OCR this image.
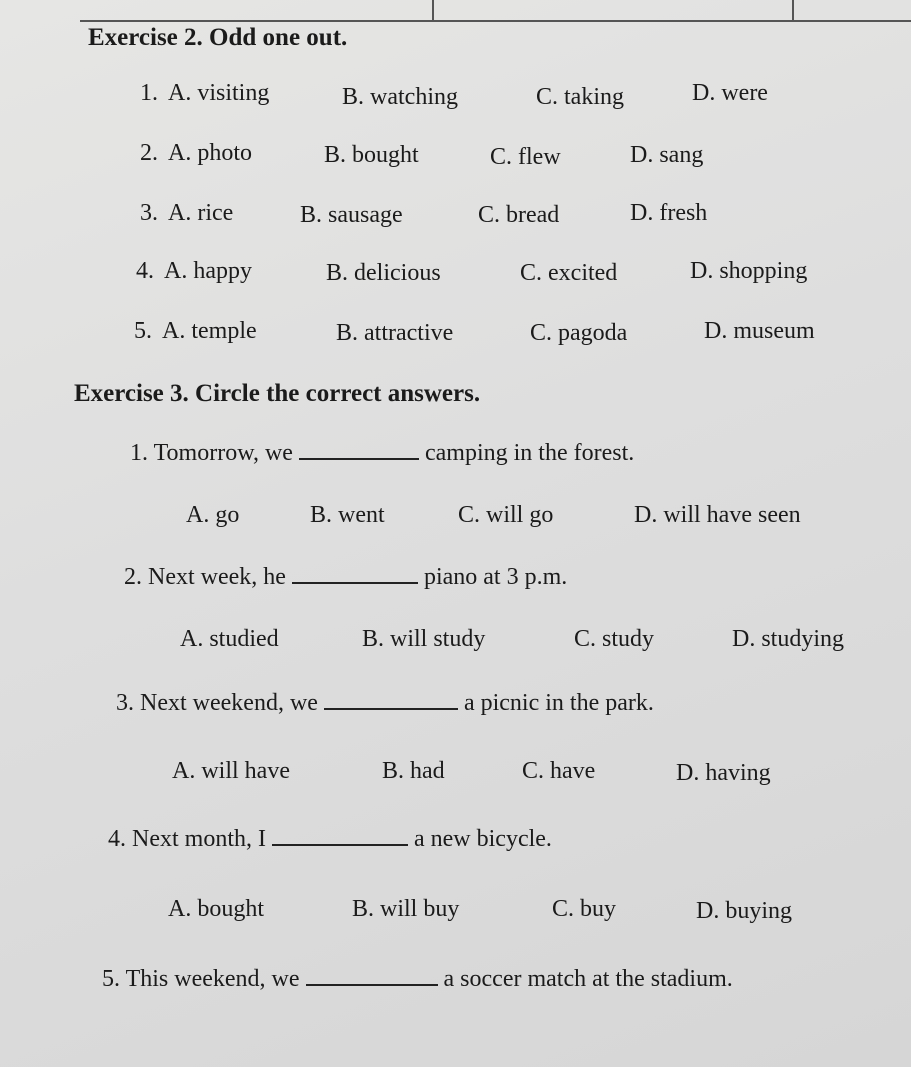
Exercise 2. Odd one out.
1. A. visiting	B. watching	C. taking	D. were
2. A. photo	B. bought	C. flew	D. sang
3. A. rice	B. sausage	C. bread	D. fresh
4. A. happy	B. delicious	C. excited	D. shopping
5. A. temple	B. attractive	C. pagoda	D. museum
Exercise 3. Circle the correct answers.
1. Tomorrow, we	camping in the forest.
A. go	B. went	C. will go	D. will have seen
2. Next week, he	piano at 3 p.m.
A. studied	B. will study	C. study	D. studying
3. Next weekend, we	a picnic in the park.
A. will have	B. had	C. have	D. having
4. Next month, I	a new bicycle.
A. bought	B. will buy	C. buy	D. buying
5. This weekend, we	a soccer match at the stadium.
